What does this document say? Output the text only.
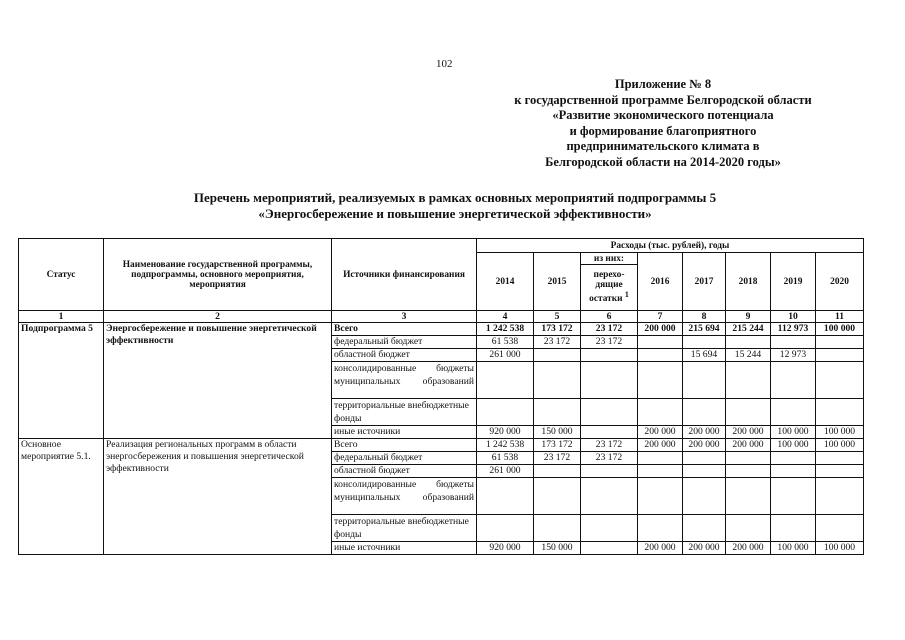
102
Приложение № 8
к государственной программе Белгородской области
«Развитие экономического потенциала
и формирование благоприятного
предпринимательского климата в
Белгородской области на 2014-2020 годы»
Перечень мероприятий, реализуемых в рамках основных мероприятий подпрограммы 5
«Энергосбережение и повышение энергетической эффективности»
Статус	Наименование государственной программы, подпрограммы, основного мероприятия, мероприятия	Источники финансирования	Расходы (тыс. рублей), годы							
			2014	2015	из них:	2016	2017	2018	2019	2020
					перехо-дящие остатки $^1$
1	2	3	4	5	6	7	8	9	10	11
Подпрограмма 5	Энергосбережение и повышение энергетической эффективности	Всего	1 242 538	173 172	23 172	200 000	215 694	215 244	112 973	100 000
		федеральный бюджет	61 538	23 172	23 172					
		областной бюджет	261 000				15 694	15 244	12 973	
		консолидированные бюджеты муниципальных образований								
		территориальные внебюджетные фонды								
		иные источники	920 000	150 000		200 000	200 000	200 000	100 000	100 000
Основное мероприятие 5.1.	Реализация региональных программ в области энергосбережения и повышения энергетической эффективности	Всего	1 242 538	173 172	23 172	200 000	200 000	200 000	100 000	100 000
		федеральный бюджет	61 538	23 172	23 172					
		областной бюджет	261 000							
		консолидированные бюджеты муниципальных образований								
		территориальные внебюджетные фонды								
		иные источники	920 000	150 000		200 000	200 000	200 000	100 000	100 000
